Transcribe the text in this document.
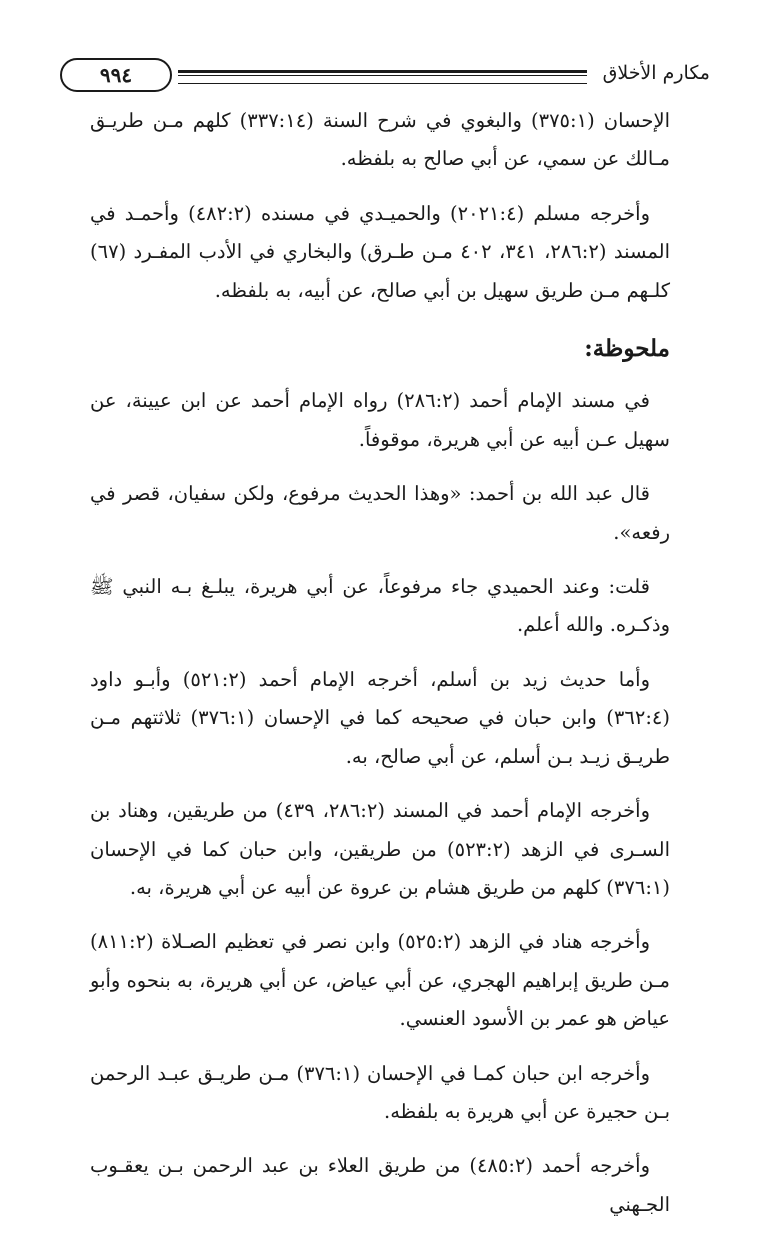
مكارم الأخلاق
٩٩٤

الإحسان (٣٧٥:١) والبغوي في شرح السنة (٣٣٧:١٤) كلهم مـن طريـق مـالك عن سمي، عن أبي صالح به بلفظه.

وأخرجه مسلم (٢٠٢١:٤) والحميـدي في مسنده (٤٨٢:٢) وأحمـد في المسند (٢٨٦:٢، ٣٤١، ٤٠٢ مـن طـرق) والبخاري في الأدب المفـرد (٦٧) كلـهم مـن طريق سهيل بن أبي صالح، عن أبيه، به بلفظه.

ملحوظة:

في مسند الإمام أحمد (٢٨٦:٢) رواه الإمام أحمد عن ابن عيينة، عن سهيل عـن أبيه عن أبي هريرة، موقوفاً.

قال عبد الله بن أحمد: «وهذا الحديث مرفوع، ولكن سفيان، قصر في رفعه».

قلت: وعند الحميدي جاء مرفوعاً، عن أبي هريرة، يبلـغ بـه النبي ﷺ وذكـره. والله أعلم.

وأما حديث زيد بن أسلم، أخرجه الإمام أحمد (٥٢١:٢) وأبـو داود (٣٦٢:٤) وابن حبان في صحيحه كما في الإحسان (٣٧٦:١) ثلاثتهم مـن طريـق زيـد بـن أسلم، عن أبي صالح، به.

وأخرجه الإمام أحمد في المسند (٢٨٦:٢، ٤٣٩) من طريقين، وهناد بن السـرى في الزهد (٥٢٣:٢) من طريقين، وابن حبان كما في الإحسان (٣٧٦:١) كلهم من طريق هشام بن عروة عن أبيه عن أبي هريرة، به.

وأخرجه هناد في الزهد (٥٢٥:٢) وابن نصر في تعظيم الصـلاة (٨١١:٢) مـن طريق إبراهيم الهجري، عن أبي عياض، عن أبي هريرة، به بنحوه وأبو عياض هو عمر بن الأسود العنسي.

وأخرجه ابن حبان كمـا في الإحسان (٣٧٦:١) مـن طريـق عبـد الرحمن بـن حجيرة عن أبي هريرة به بلفظه.

وأخرجه أحمد (٤٨٥:٢) من طريق العلاء بن عبد الرحمن بـن يعقـوب الجـهني
